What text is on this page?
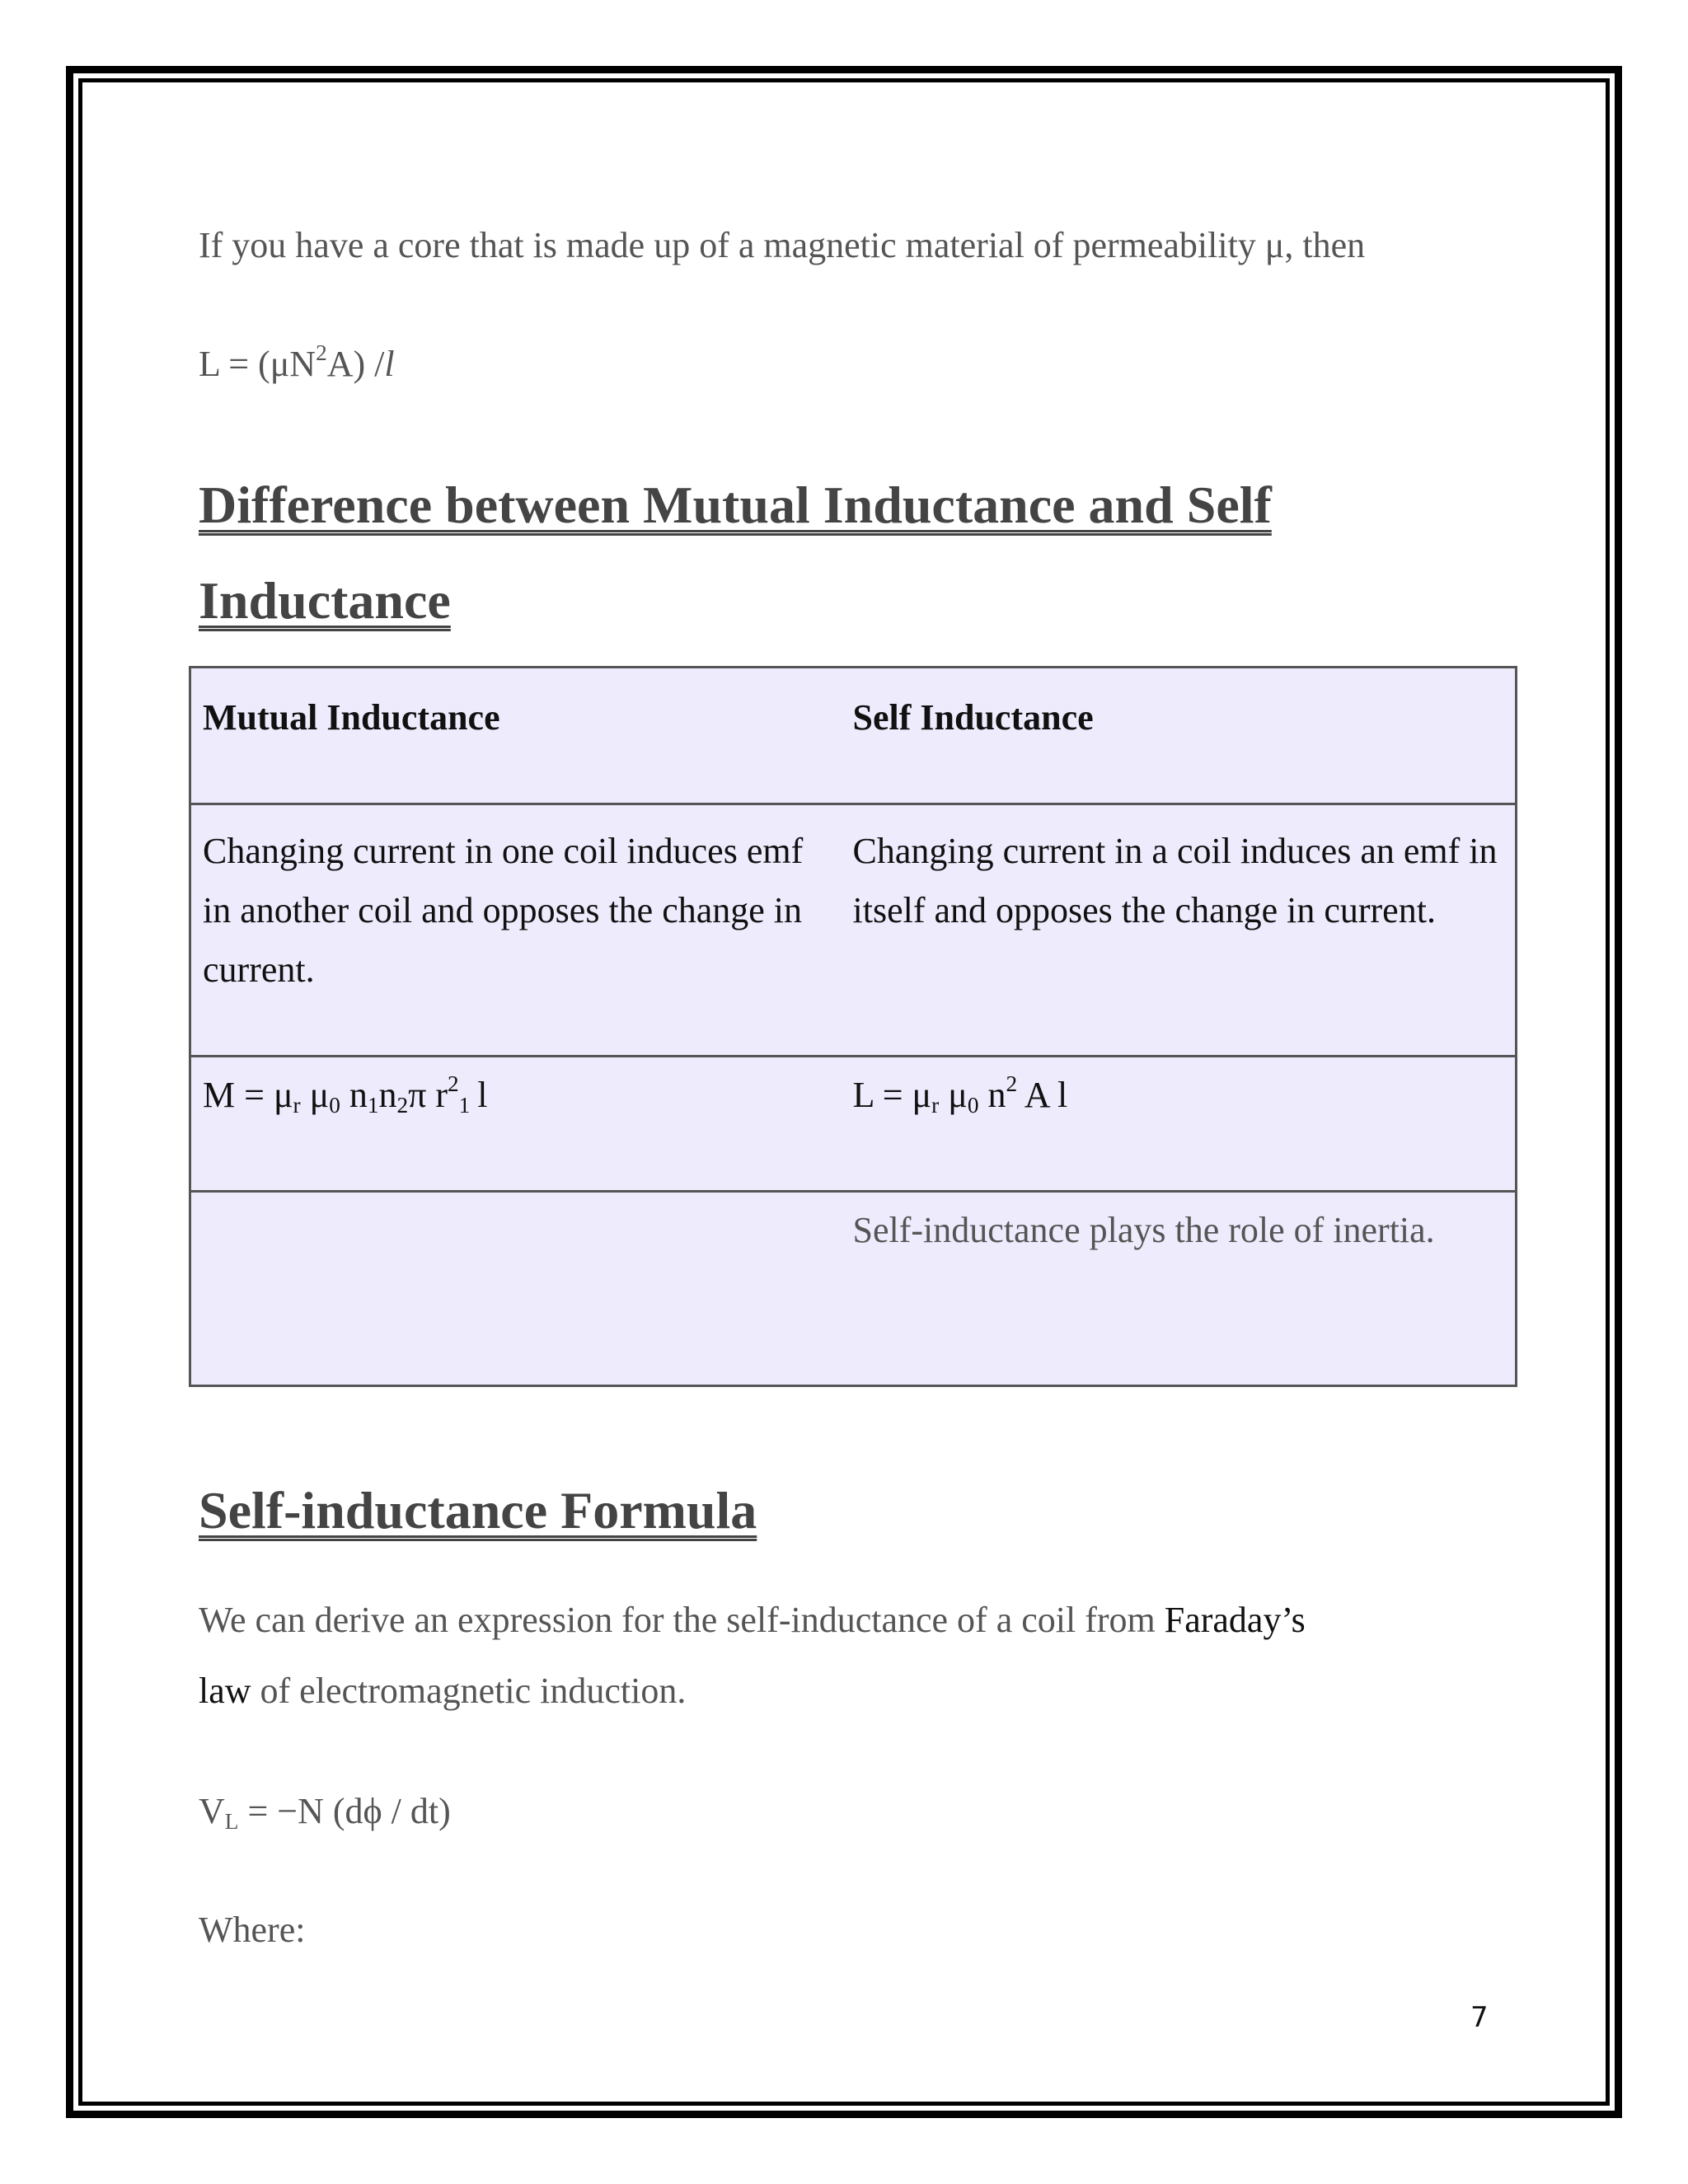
If you have a core that is made up of a magnetic material of permeability μ, then
$L = (\mu N^2A)$ /l
Difference between Mutual Inductance and Self
Inductance
Mutual Inductance	Self Inductance
Changing current in one coil induces emf in another coil and opposes the change in current.	Changing current in a coil induces an emf in itself and opposes the change in current.
$M = \mu_r$ $\mu_0$ $n_1n_2\pi$ $r^2_1$ l	$L = \mu_r$ $\mu_0$ $n^2$ A l
	Self-inductance plays the role of inertia.
Self-inductance Formula
We can derive an expression for the self-inductance of a coil from Faraday’s
law of electromagnetic induction.
$V_L = -N$ (dϕ / dt)
Where:
7
